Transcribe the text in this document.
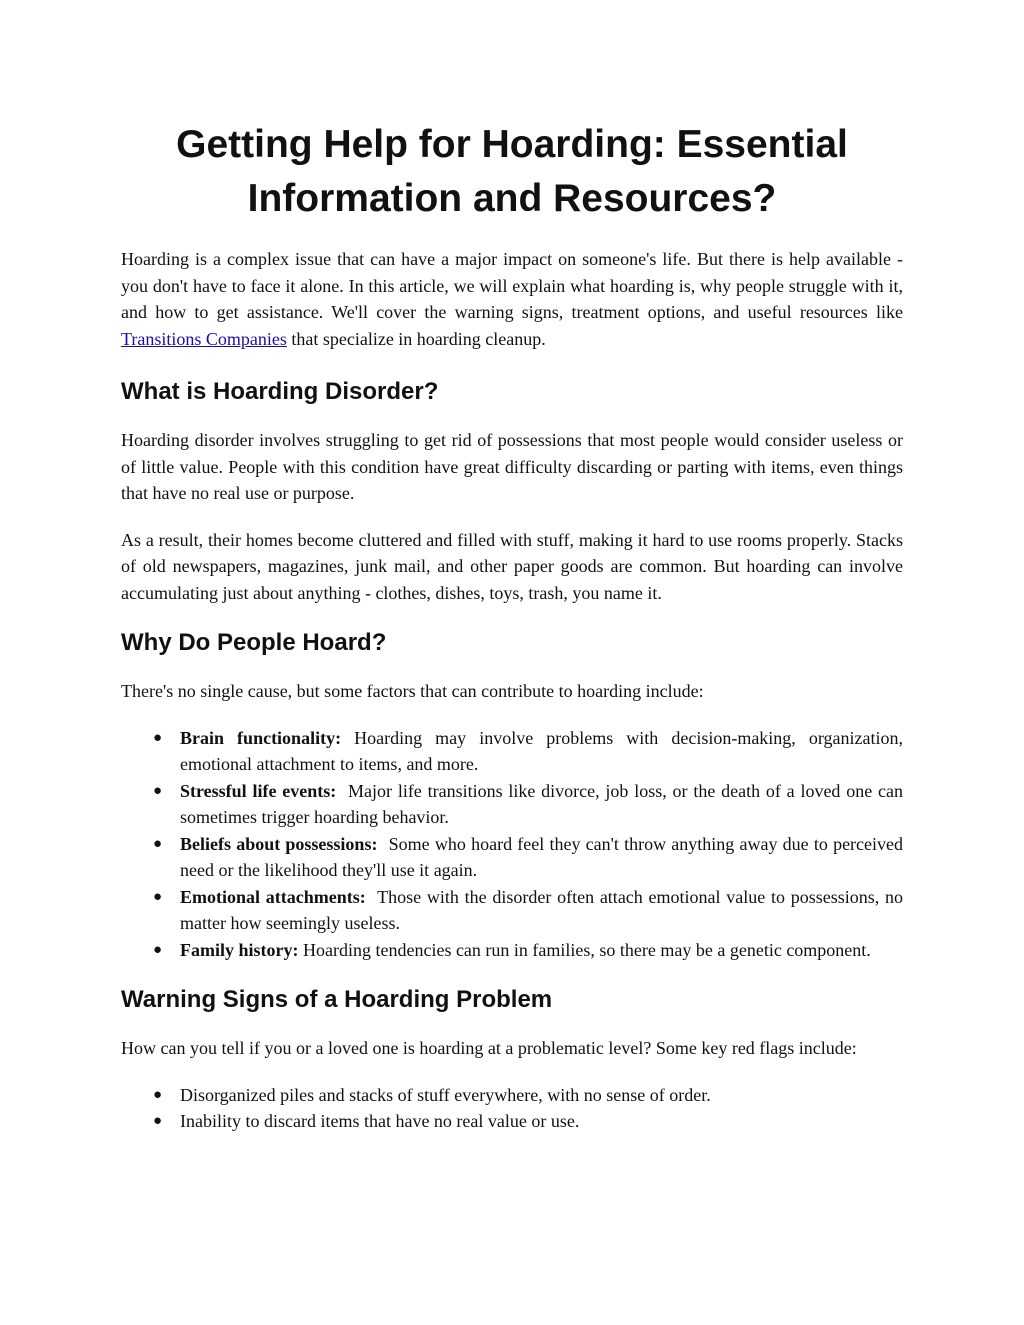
Getting Help for Hoarding: Essential
Information and Resources?

Hoarding is a complex issue that can have a major impact on someone's life. But there is help available - you don't have to face it alone. In this article, we will explain what hoarding is, why people struggle with it, and how to get assistance. We'll cover the warning signs, treatment options, and useful resources like Transitions Companies that specialize in hoarding cleanup.

What is Hoarding Disorder?

Hoarding disorder involves struggling to get rid of possessions that most people would consider useless or of little value. People with this condition have great difficulty discarding or parting with items, even things that have no real use or purpose.

As a result, their homes become cluttered and filled with stuff, making it hard to use rooms properly. Stacks of old newspapers, magazines, junk mail, and other paper goods are common. But hoarding can involve accumulating just about anything - clothes, dishes, toys, trash, you name it.

Why Do People Hoard?

There's no single cause, but some factors that can contribute to hoarding include:

● Brain functionality: Hoarding may involve problems with decision-making, organization, emotional attachment to items, and more.
● Stressful life events: Major life transitions like divorce, job loss, or the death of a loved one can sometimes trigger hoarding behavior.
● Beliefs about possessions: Some who hoard feel they can't throw anything away due to perceived need or the likelihood they'll use it again.
● Emotional attachments: Those with the disorder often attach emotional value to possessions, no matter how seemingly useless.
● Family history: Hoarding tendencies can run in families, so there may be a genetic component.
Warning Signs of a Hoarding Problem

How can you tell if you or a loved one is hoarding at a problematic level? Some key red flags include:

● Disorganized piles and stacks of stuff everywhere, with no sense of order.
● Inability to discard items that have no real value or use.
